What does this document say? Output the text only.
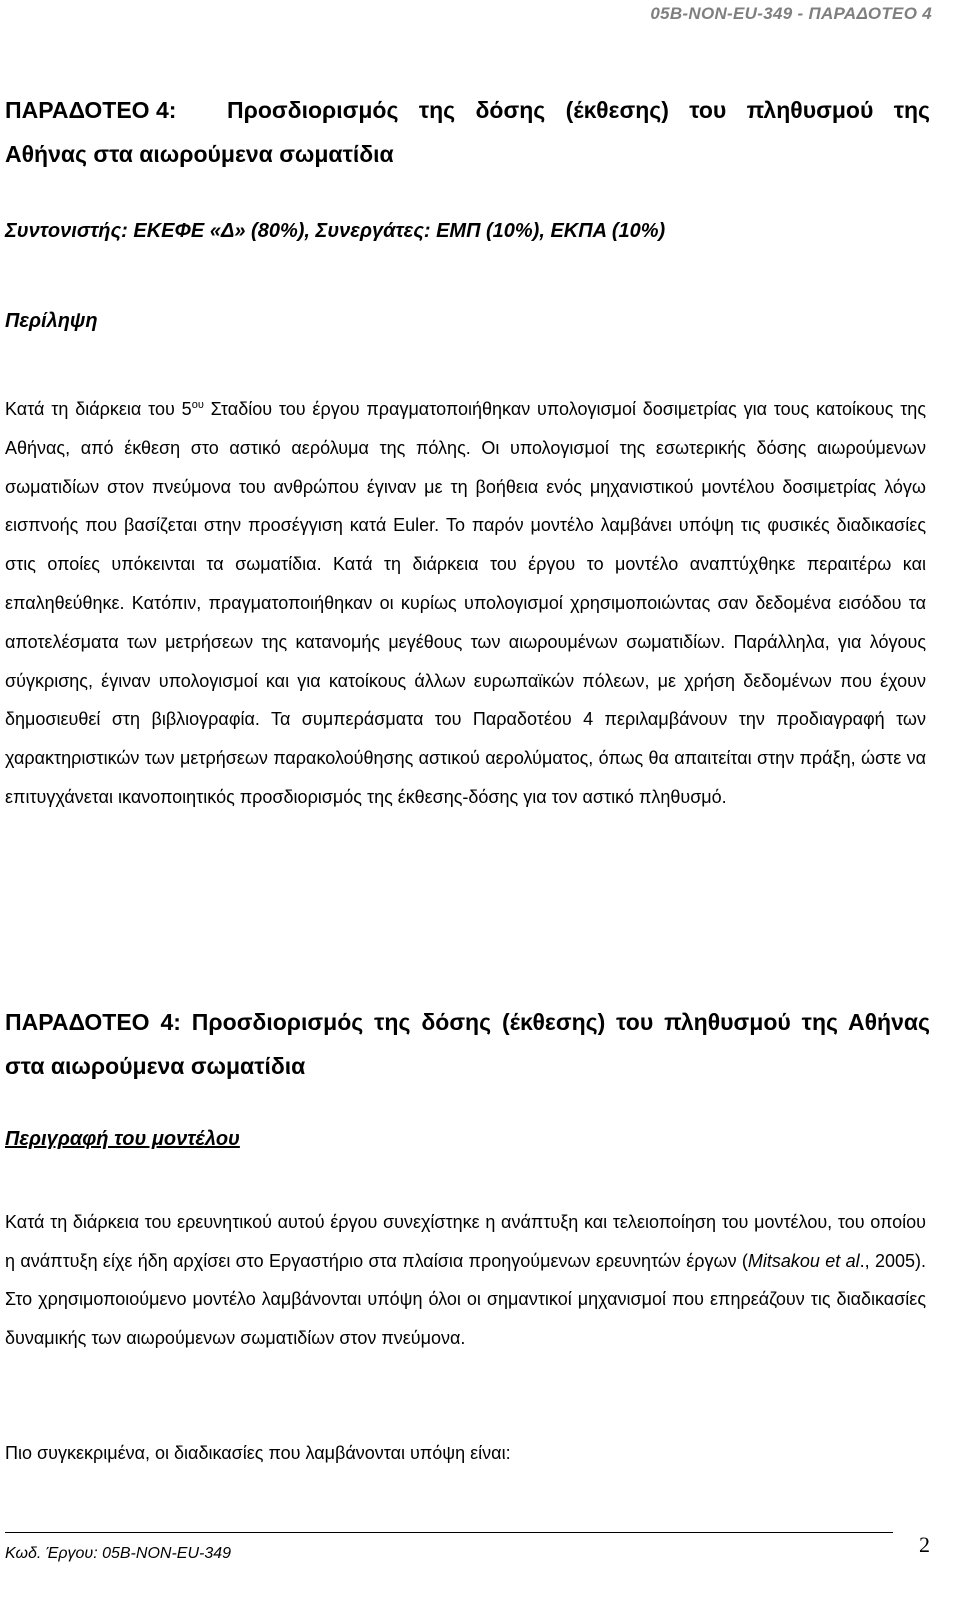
05B-NON-EU-349 - ΠΑΡΑΔΟΤΕΟ 4
ΠΑΡΑΔΟΤΕΟ 4: Προσδιορισμός της δόσης (έκθεσης) του πληθυσμού της Αθήνας στα αιωρούμενα σωματίδια
Συντονιστής: ΕΚΕΦΕ «Δ» (80%), Συνεργάτες: ΕΜΠ (10%), ΕΚΠΑ (10%)
Περίληψη
Κατά τη διάρκεια του $5^{o\upsilon}$ Σταδίου του έργου πραγματοποιήθηκαν υπολογισμοί δοσιμετρίας για τους κατοίκους της Αθήνας, από έκθεση στο αστικό αερόλυμα της πόλης. Οι υπολογισμοί της εσωτερικής δόσης αιωρούμενων σωματιδίων στον πνεύμονα του ανθρώπου έγιναν με τη βοήθεια ενός μηχανιστικού μοντέλου δοσιμετρίας λόγω εισπνοής που βασίζεται στην προσέγγιση κατά Euler. Το παρόν μοντέλο λαμβάνει υπόψη τις φυσικές διαδικασίες στις οποίες υπόκεινται τα σωματίδια. Κατά τη διάρκεια του έργου το μοντέλο αναπτύχθηκε περαιτέρω και επαληθεύθηκε. Κατόπιν, πραγματοποιήθηκαν οι κυρίως υπολογισμοί χρησιμοποιώντας σαν δεδομένα εισόδου τα αποτελέσματα των μετρήσεων της κατανομής μεγέθους των αιωρουμένων σωματιδίων. Παράλληλα, για λόγους σύγκρισης, έγιναν υπολογισμοί και για κατοίκους άλλων ευρωπαϊκών πόλεων, με χρήση δεδομένων που έχουν δημοσιευθεί στη βιβλιογραφία. Τα συμπεράσματα του Παραδοτέου 4 περιλαμβάνουν την προδιαγραφή των χαρακτηριστικών των μετρήσεων παρακολούθησης αστικού αερολύματος, όπως θα απαιτείται στην πράξη, ώστε να επιτυγχάνεται ικανοποιητικός προσδιορισμός της έκθεσης-δόσης για τον αστικό πληθυσμό.
ΠΑΡΑΔΟΤΕΟ 4: Προσδιορισμός της δόσης (έκθεσης) του πληθυσμού της Αθήνας στα αιωρούμενα σωματίδια
Περιγραφή του μοντέλου
Κατά τη διάρκεια του ερευνητικού αυτού έργου συνεχίστηκε η ανάπτυξη και τελειοποίηση του μοντέλου, του οποίου η ανάπτυξη είχε ήδη αρχίσει στο Εργαστήριο στα πλαίσια προηγούμενων ερευνητών έργων (Mitsakou et al., 2005). Στο χρησιμοποιούμενο μοντέλο λαμβάνονται υπόψη όλοι οι σημαντικοί μηχανισμοί που επηρεάζουν τις διαδικασίες δυναμικής των αιωρούμενων σωματιδίων στον πνεύμονα.
Πιο συγκεκριμένα, οι διαδικασίες που λαμβάνονται υπόψη είναι:
Κωδ. Έργου: 05B-NON-EU-349	2
